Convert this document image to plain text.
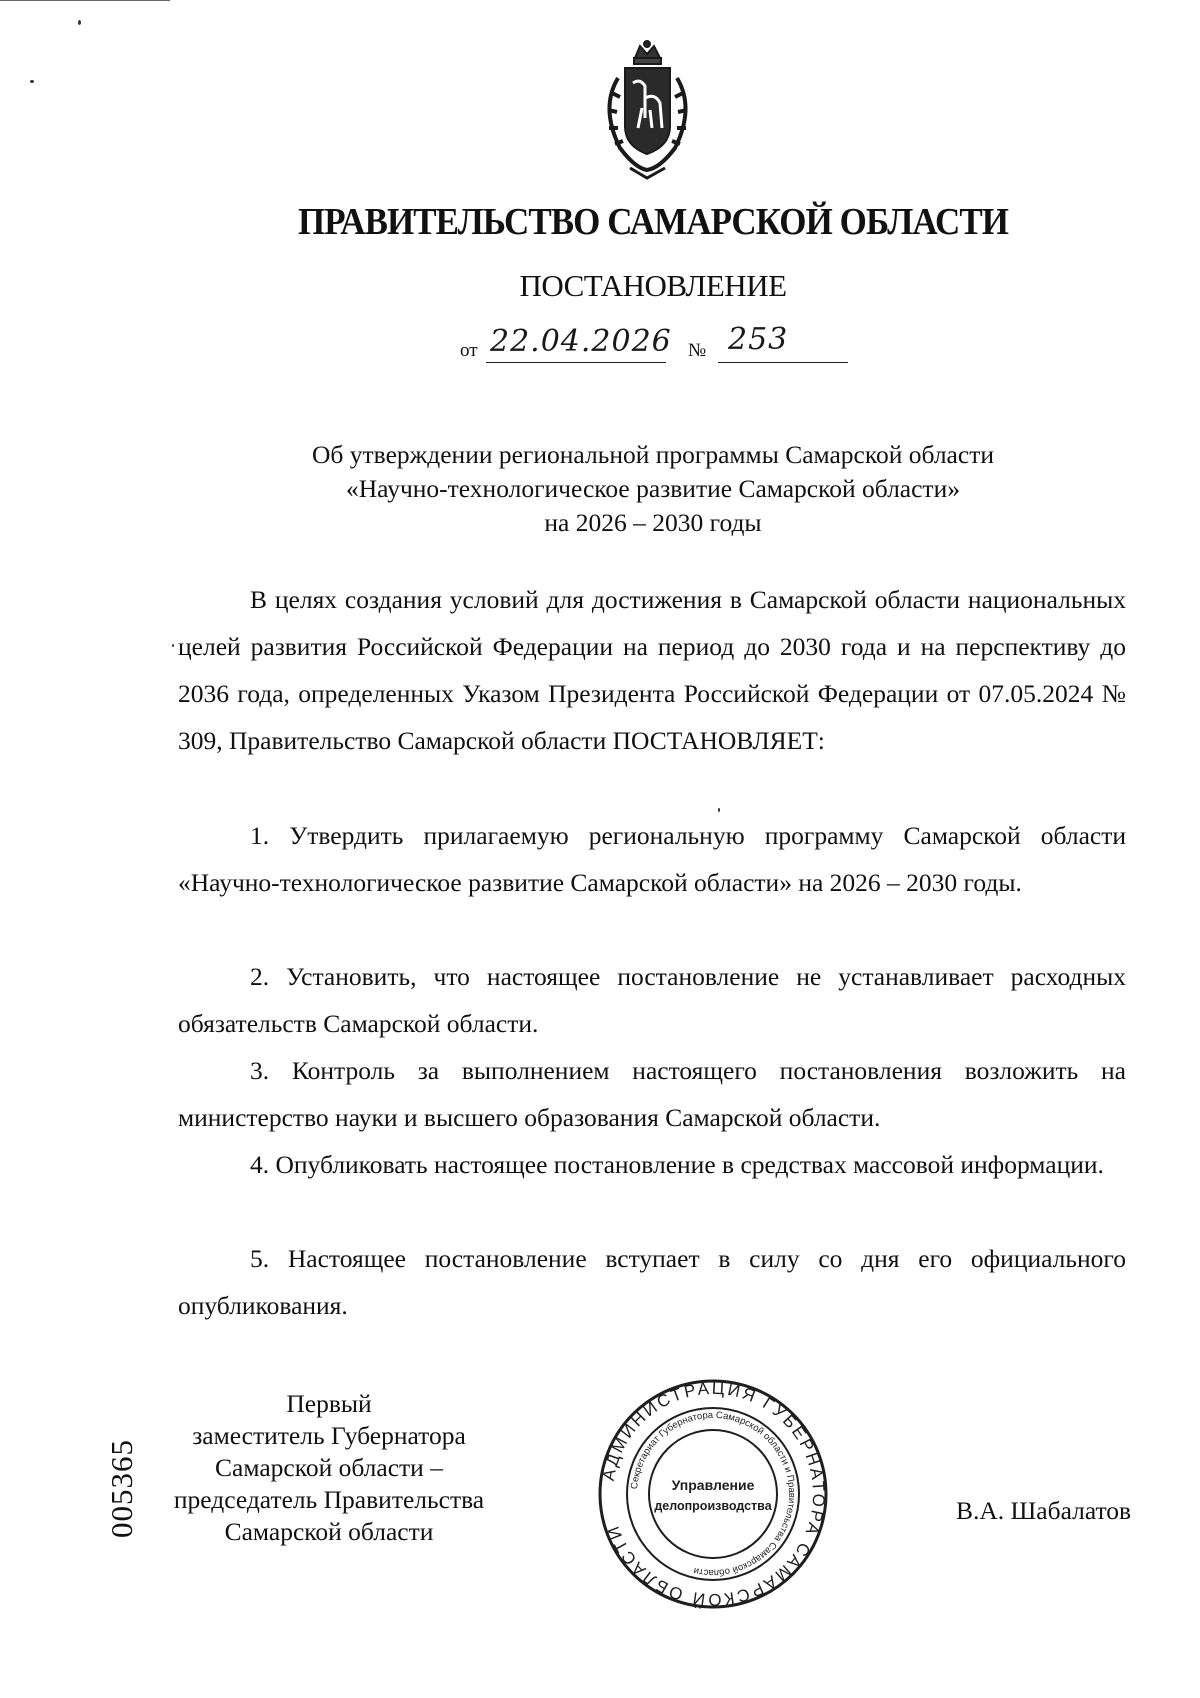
ПРАВИТЕЛЬСТВО САМАРСКОЙ ОБЛАСТИ
ПОСТАНОВЛЕНИЕ
от 22.04.2026 № 253
Об утверждении региональной программы Самарской области
«Научно-технологическое развитие Самарской области»
на 2026 – 2030 годы

В целях создания условий для достижения в Самарской области национальных целей развития Российской Федерации на период до 2030 года и на перспективу до 2036 года, определенных Указом Президента Российской Федерации от 07.05.2024 № 309, Правительство Самарской области ПОСТАНОВЛЯЕТ:

1. Утвердить прилагаемую региональную программу Самарской области «Научно-технологическое развитие Самарской области» на 2026 – 2030 годы.

2. Установить, что настоящее постановление не устанавливает расходных обязательств Самарской области.

3. Контроль за выполнением настоящего постановления возложить на министерство науки и высшего образования Самарской области.

4. Опубликовать настоящее постановление в средствах массовой информации.

5. Настоящее постановление вступает в силу со дня его официального опубликования.

Первый
заместитель Губернатора
Самарской области –
председатель Правительства
Самарской области
В.А. Шабалатов
005365	АДМИНИСТРАЦИЯ ГУБЕРНАТОРА САМАРСКОЙ ОБЛАСТИ
Секретариат Губернатора Самарской области и Правительства Самарской области
Управление
делопроизводства
